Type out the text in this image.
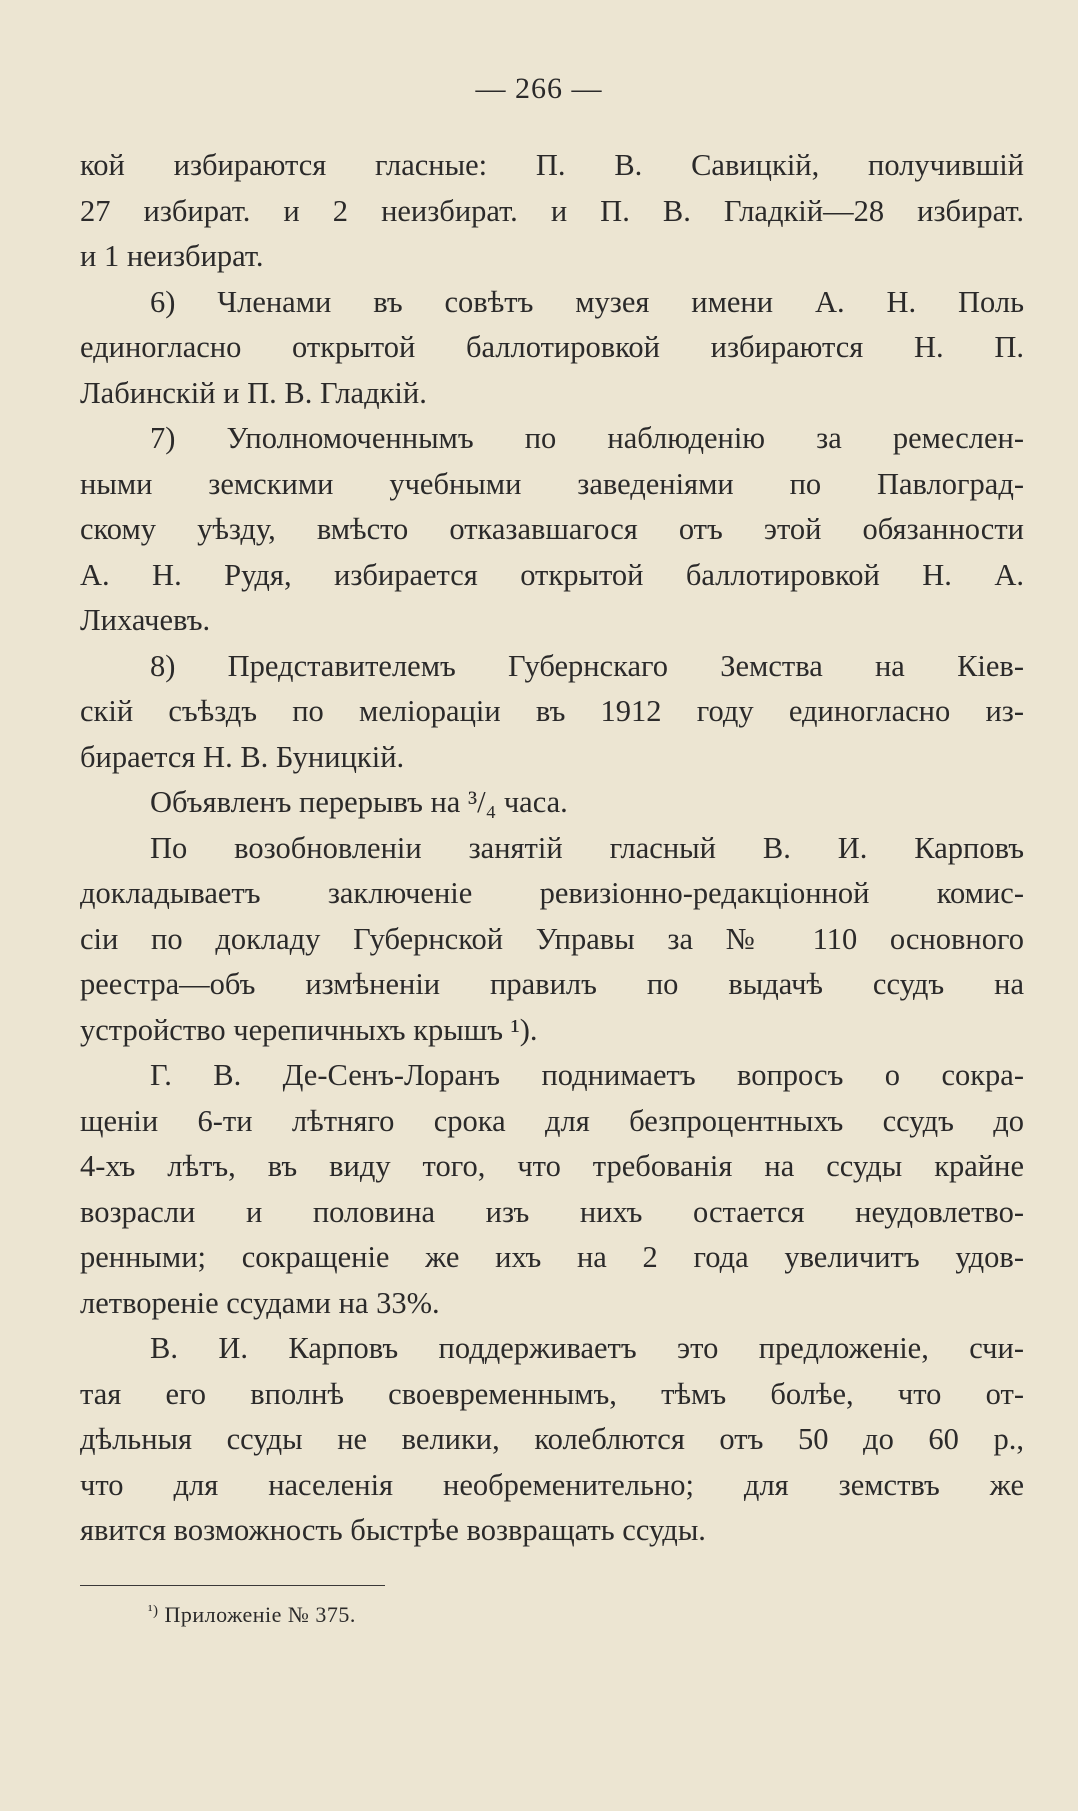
— 266 —
кой избираются гласные: П. В. Савицкій, получившій
27 избират. и 2 неизбират. и П. В. Гладкій—28 избират.
и 1 неизбират.
6) Членами въ совѣтъ музея имени А. Н. Поль
единогласно открытой баллотировкой избираются Н. П.
Лабинскій и П. В. Гладкій.
7) Уполномоченнымъ по наблюденію за ремеслен-
ными земскими учебными заведеніями по Павлоград-
скому уѣзду, вмѣсто отказавшагося отъ этой обязанности
А. Н. Рудя, избирается открытой баллотировкой Н. А.
Лихачевъ.
8) Представителемъ Губернскаго Земства на Кіев-
скій съѣздъ по меліораціи въ 1912 году единогласно из-
бирается Н. В. Буницкій.
Объявленъ перерывъ на ³/₄ часа.
По возобновленіи занятій гласный В. И. Карповъ
докладываетъ заключеніе ревизіонно-редакціонной комис-
сіи по докладу Губернской Управы за № 110 основного
реестра—объ измѣненіи правилъ по выдачѣ ссудъ на
устройство черепичныхъ крышъ ¹).
Г. В. Де-Сенъ-Лоранъ поднимаетъ вопросъ о сокра-
щеніи 6-ти лѣтняго срока для безпроцентныхъ ссудъ до
4-хъ лѣтъ, въ виду того, что требованія на ссуды крайне
возрасли и половина изъ нихъ остается неудовлетво-
ренными; сокращеніе же ихъ на 2 года увеличитъ удов-
летвореніе ссудами на 33%.
В. И. Карповъ поддерживаетъ это предложеніе, счи-
тая его вполнѣ своевременнымъ, тѣмъ болѣе, что от-
дѣльныя ссуды не велики, колеблются отъ 50 до 60 р.,
что для населенія необременительно; для земствъ же
явится возможность быстрѣе возвращать ссуды.
$^{^1)}$ Приложеніе № 375.
